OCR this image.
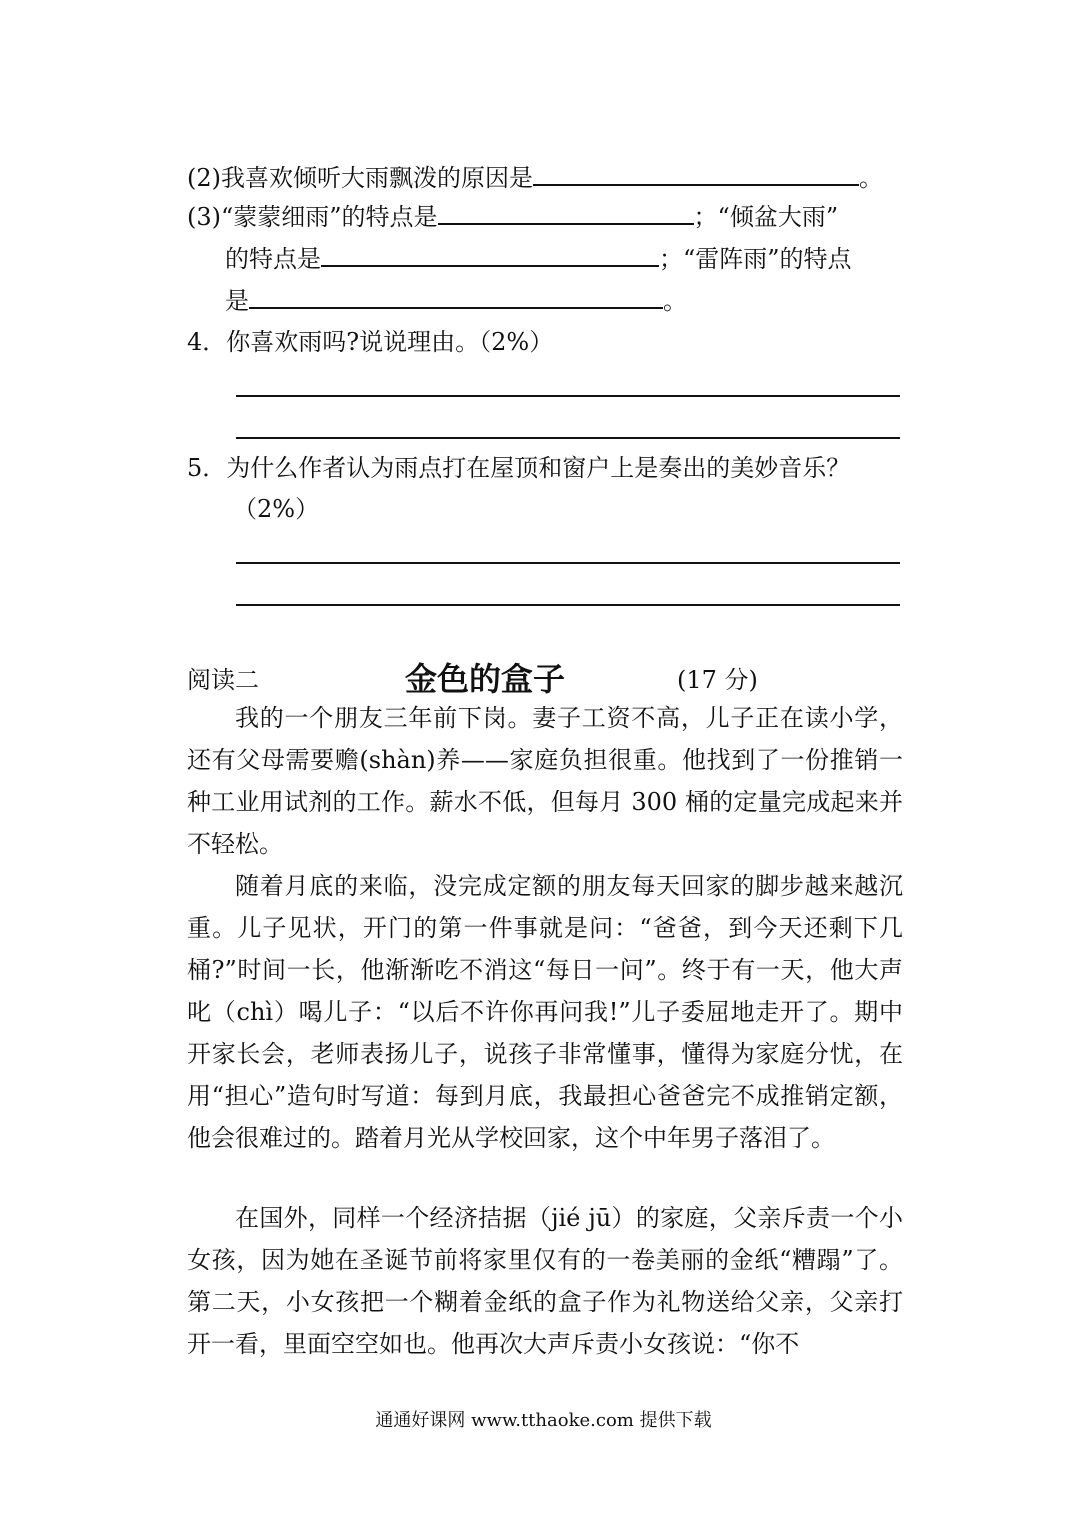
(2)我喜欢倾听大雨飘泼的原因是	。
(3)“蒙蒙细雨”的特点是	；“倾盆大雨”
的特点是	；“雷阵雨”的特点
是	。
4．你喜欢雨吗?说说理由。（2%）
5．为什么作者认为雨点打在屋顶和窗户上是奏出的美妙音乐？
（2%）
阅读二	金色的盒子	(17 分)
我的一个朋友三年前下岗。妻子工资不高，儿子正在读小学，还有父母需要赡(shàn)养——家庭负担很重。他找到了一份推销一种工业用试剂的工作。薪水不低，但每月 300 桶的定量完成起来并不轻松。
随着月底的来临，没完成定额的朋友每天回家的脚步越来越沉重。儿子见状，开门的第一件事就是问：“爸爸，到今天还剩下几桶?”时间一长，他渐渐吃不消这“每日一问”。终于有一天，他大声叱（chì）喝儿子：“以后不许你再问我!”儿子委屈地走开了。期中开家长会，老师表扬儿子，说孩子非常懂事，懂得为家庭分忧，在用“担心”造句时写道：每到月底，我最担心爸爸完不成推销定额，他会很难过的。踏着月光从学校回家，这个中年男子落泪了。
在国外，同样一个经济拮据（jié jū）的家庭，父亲斥责一个小女孩，因为她在圣诞节前将家里仅有的一卷美丽的金纸“糟蹋”了。第二天，小女孩把一个糊着金纸的盒子作为礼物送给父亲，父亲打开一看，里面空空如也。他再次大声斥责小女孩说：“你不
通通好课网 www.tthaoke.com 提供下载
